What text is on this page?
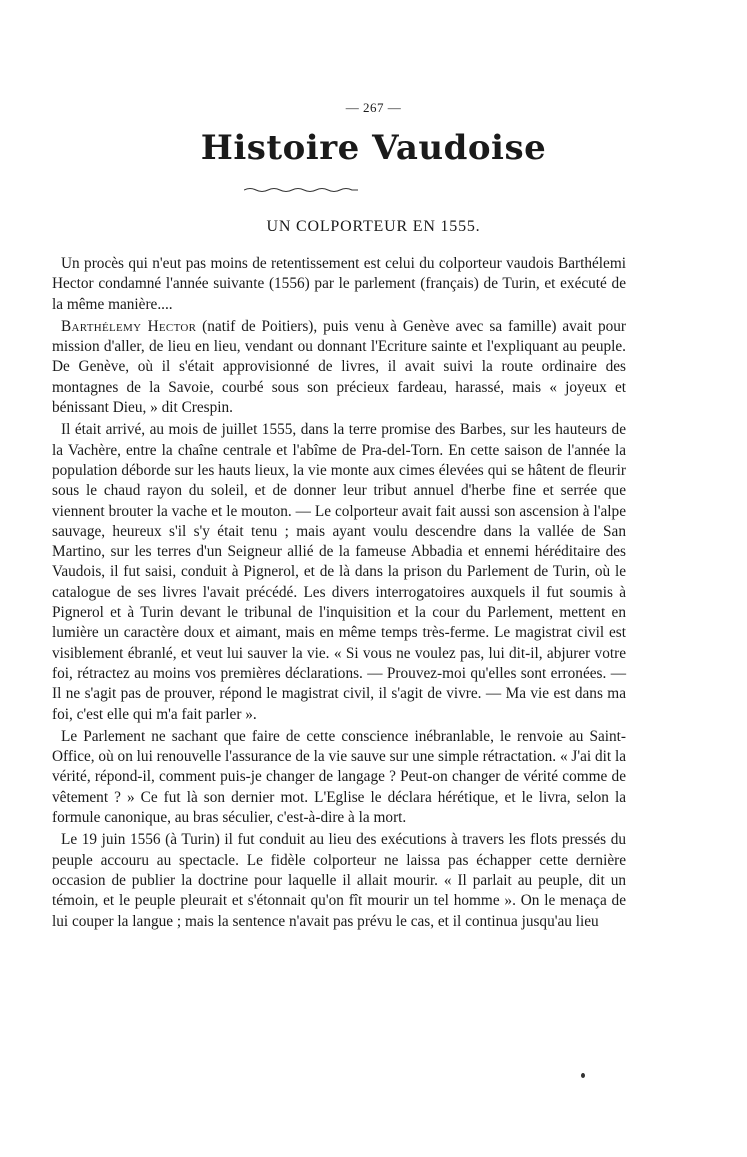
— 267 —
Histoire Vaudoise
UN COLPORTEUR EN 1555.

Un procès qui n'eut pas moins de retentissement est celui du colporteur vaudois Barthélemi Hector condamné l'année suivante (1556) par le parlement (français) de Turin, et exécuté de la même manière....

Barthélemy Hector (natif de Poitiers), puis venu à Genève avec sa famille) avait pour mission d'aller, de lieu en lieu, vendant ou donnant l'Ecriture sainte et l'expliquant au peuple. De Genève, où il s'était approvisionné de livres, il avait suivi la route ordinaire des montagnes de la Savoie, courbé sous son précieux fardeau, harassé, mais « joyeux et bénissant Dieu, » dit Crespin.

Il était arrivé, au mois de juillet 1555, dans la terre promise des Barbes, sur les hauteurs de la Vachère, entre la chaîne centrale et l'abîme de Pra-del-Torn. En cette saison de l'année la population déborde sur les hauts lieux, la vie monte aux cimes élevées qui se hâtent de fleurir sous le chaud rayon du soleil, et de donner leur tribut annuel d'herbe fine et serrée que viennent brouter la vache et le mouton. — Le colporteur avait fait aussi son ascension à l'alpe sauvage, heureux s'il s'y était tenu ; mais ayant voulu descendre dans la vallée de San Martino, sur les terres d'un Seigneur allié de la fameuse Abbadia et ennemi héréditaire des Vaudois, il fut saisi, conduit à Pignerol, et de là dans la prison du Parlement de Turin, où le catalogue de ses livres l'avait précédé. Les divers interrogatoires auxquels il fut soumis à Pignerol et à Turin devant le tribunal de l'inquisition et la cour du Parlement, mettent en lumière un caractère doux et aimant, mais en même temps très-ferme. Le magistrat civil est visiblement ébranlé, et veut lui sauver la vie. « Si vous ne voulez pas, lui dit-il, abjurer votre foi, rétractez au moins vos premières déclarations. — Prouvez-moi qu'elles sont erronées. — Il ne s'agit pas de prouver, répond le magistrat civil, il s'agit de vivre. — Ma vie est dans ma foi, c'est elle qui m'a fait parler ».

Le Parlement ne sachant que faire de cette conscience inébranlable, le renvoie au Saint-Office, où on lui renouvelle l'assurance de la vie sauve sur une simple rétractation. « J'ai dit la vérité, répond-il, comment puis-je changer de langage ? Peut-on changer de vérité comme de vêtement ? » Ce fut là son dernier mot. L'Eglise le déclara hérétique, et le livra, selon la formule canonique, au bras séculier, c'est-à-dire à la mort.

Le 19 juin 1556 (à Turin) il fut conduit au lieu des exécutions à travers les flots pressés du peuple accouru au spectacle. Le fidèle colporteur ne laissa pas échapper cette dernière occasion de publier la doctrine pour laquelle il allait mourir. « Il parlait au peuple, dit un témoin, et le peuple pleurait et s'étonnait qu'on fît mourir un tel homme ». On le menaça de lui couper la langue ; mais la sentence n'avait pas prévu le cas, et il continua jusqu'au lieu
